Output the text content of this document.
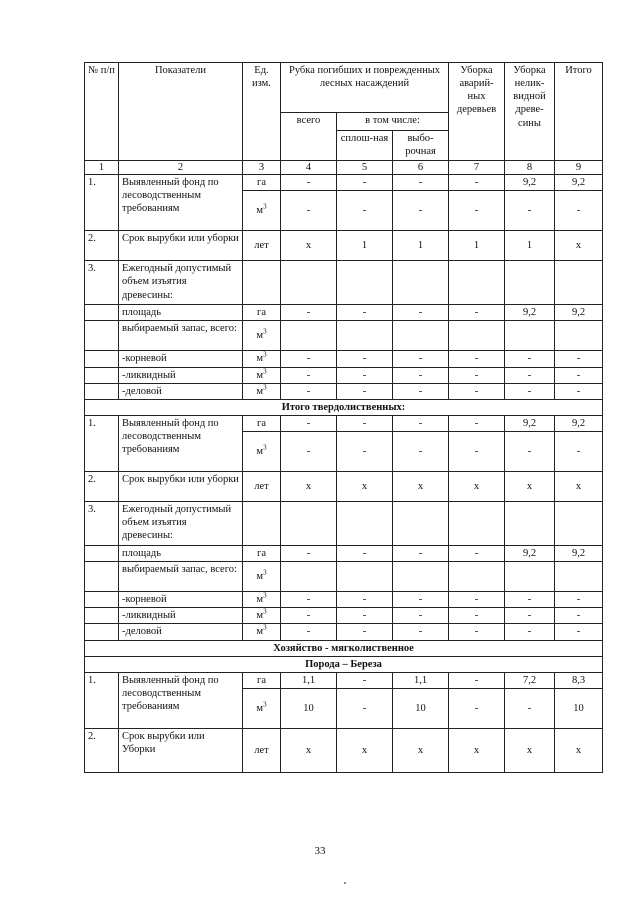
№ п/п	Показатели	Ед. изм.	Рубка погибших и поврежденных лесных насаждений			Уборка аварий-ных деревьев	Уборка нелик-видной древе-сины	Итого
			всего	в том числе:				
				сплош-ная	выбо-рочная			
1	2	3	4	5	6	7	8	9
1.	Выявленный фонд по лесоводственным требованиям	га	-	-	-	-	9,2	9,2
		$м^3$	-	-	-	-	-	-
2.	Срок вырубки или уборки	лет	x	1	1	1	1	x
3.	Ежегодный допустимый объем изъятия древесины:							
	площадь	га	-	-	-	-	9,2	9,2
	выбираемый запас, всего:	$м^3$						
	-корневой	$м^3$	-	-	-	-	-	-
	-ликвидный	$м^3$	-	-	-	-	-	-
	-деловой	$м^3$	-	-	-	-	-	-
Итого твердолиственных:								
1.	Выявленный фонд по лесоводственным требованиям	га	-	-	-	-	9,2	9,2
		$м^3$	-	-	-	-	-	-
2.	Срок вырубки или уборки	лет	x	x	x	x	x	x
3.	Ежегодный допустимый объем изъятия древесины:							
	площадь	га	-	-	-	-	9,2	9,2
	выбираемый запас, всего:	$м^3$						
	-корневой	$м^3$	-	-	-	-	-	-
	-ликвидный	$м^3$	-	-	-	-	-	-
	-деловой	$м^3$	-	-	-	-	-	-
Хозяйство - мягколиственное								
Порода – Береза								
1.	Выявленный фонд по лесоводственным требованиям	га	1,1	-	1,1	-	7,2	8,3
		$м^3$	10	-	10	-	-	10
2.	Срок вырубки или Уборки	лет	x	x	x	x	x	x
33
